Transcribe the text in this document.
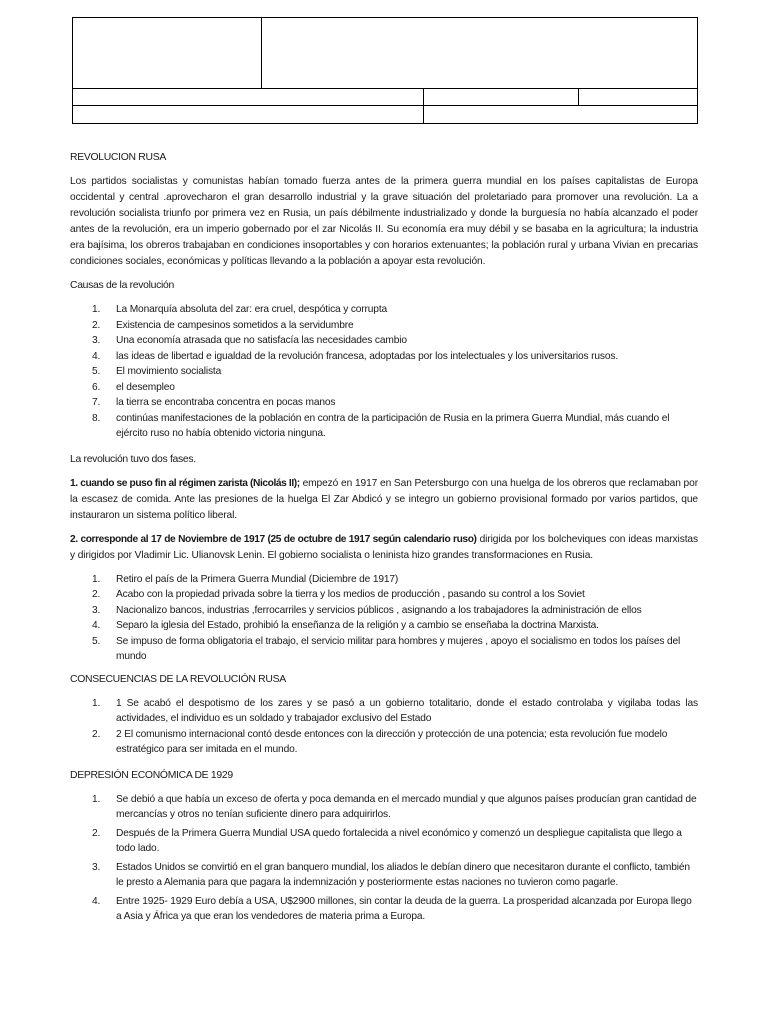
REVOLUCION RUSA

Los partidos socialistas y comunistas habían tomado fuerza antes de la primera guerra mundial en los países capitalistas de Europa occidental y central .aprovecharon el gran desarrollo industrial y la grave situación del proletariado para promover una revolución. La a revolución socialista triunfo por primera vez en Rusia, un país débilmente industrializado y donde la burguesía no había alcanzado el poder antes de la revolución, era un imperio gobernado por el zar Nicolás II. Su economía era muy débil y se basaba en la agricultura; la industria era bajísima, los obreros trabajaban en condiciones insoportables y con horarios extenuantes; la población rural y urbana Vivian en precarias condiciones sociales, económicas y políticas llevando a la población a apoyar esta revolución.

Causas de la revolución
1. La Monarquía absoluta del zar: era cruel, despótica y corrupta
2. Existencia de campesinos sometidos a la servidumbre
3. Una economía atrasada que no satisfacía las necesidades cambio
4. las ideas de libertad e igualdad de la revolución francesa, adoptadas por los intelectuales y los universitarios rusos.
5. El movimiento socialista
6. el desempleo
7. la tierra se encontraba concentra en pocas manos
8. continúas manifestaciones de la población en contra de la participación de Rusia en la primera Guerra Mundial, más cuando el ejército ruso no había obtenido victoria ninguna.
La revolución tuvo dos fases.

1. cuando se puso fin al régimen zarista (Nicolás II); empezó en 1917 en San Petersburgo con una huelga de los obreros que reclamaban por la escasez de comida. Ante las presiones de la huelga El Zar Abdicó y se integro un gobierno provisional formado por varios partidos, que instauraron un sistema político liberal.

2. corresponde al 17 de Noviembre de 1917 (25 de octubre de 1917 según calendario ruso) dirigida por los bolcheviques con ideas marxistas y dirigidos por Vladimir Lic. Ulianovsk Lenin. El gobierno socialista o leninista hizo grandes transformaciones en Rusia.

1. Retiro el país de la Primera Guerra Mundial (Diciembre de 1917)
2. Acabo con la propiedad privada sobre la tierra y los medios de producción , pasando su control a los Soviet
3. Nacionalizo bancos, industrias ,ferrocarriles y servicios públicos , asignando a los trabajadores la administración de ellos
4. Separo la iglesia del Estado, prohibió la enseñanza de la religión y a cambio se enseñaba la doctrina Marxista.
5. Se impuso de forma obligatoria el trabajo, el servicio militar para hombres y mujeres , apoyo el socialismo en todos los países del mundo
CONSECUENCIAS DE LA REVOLUCIÓN RUSA
1. 1 Se acabó el despotismo de los zares y se pasó a un gobierno totalitario, donde el estado controlaba y vigilaba todas las actividades, el individuo es un soldado y trabajador exclusivo del Estado
2. 2 El comunismo internacional contó desde entonces con la dirección y protección de una potencia; esta revolución fue modelo estratégico para ser imitada en el mundo.
DEPRESIÓN ECONÓMICA DE 1929
1. Se debió a que había un exceso de oferta y poca demanda en el mercado mundial y que algunos países producían gran cantidad de mercancías y otros no tenían suficiente dinero para adquirirlos.
2. Después de la Primera Guerra Mundial USA quedo fortalecida a nivel económico y comenzó un despliegue capitalista que llego a todo lado.
3. Estados Unidos se convirtió en el gran banquero mundial, los aliados le debían dinero que necesitaron durante el conflicto, también le presto a Alemania para que pagara la indemnización y posteriormente estas naciones no tuvieron como pagarle.
4. Entre 1925- 1929 Euro debía a USA, U$2900 millones, sin contar la deuda de la guerra. La prosperidad alcanzada por Europa llego a Asia y África ya que eran los vendedores de materia prima a Europa.
